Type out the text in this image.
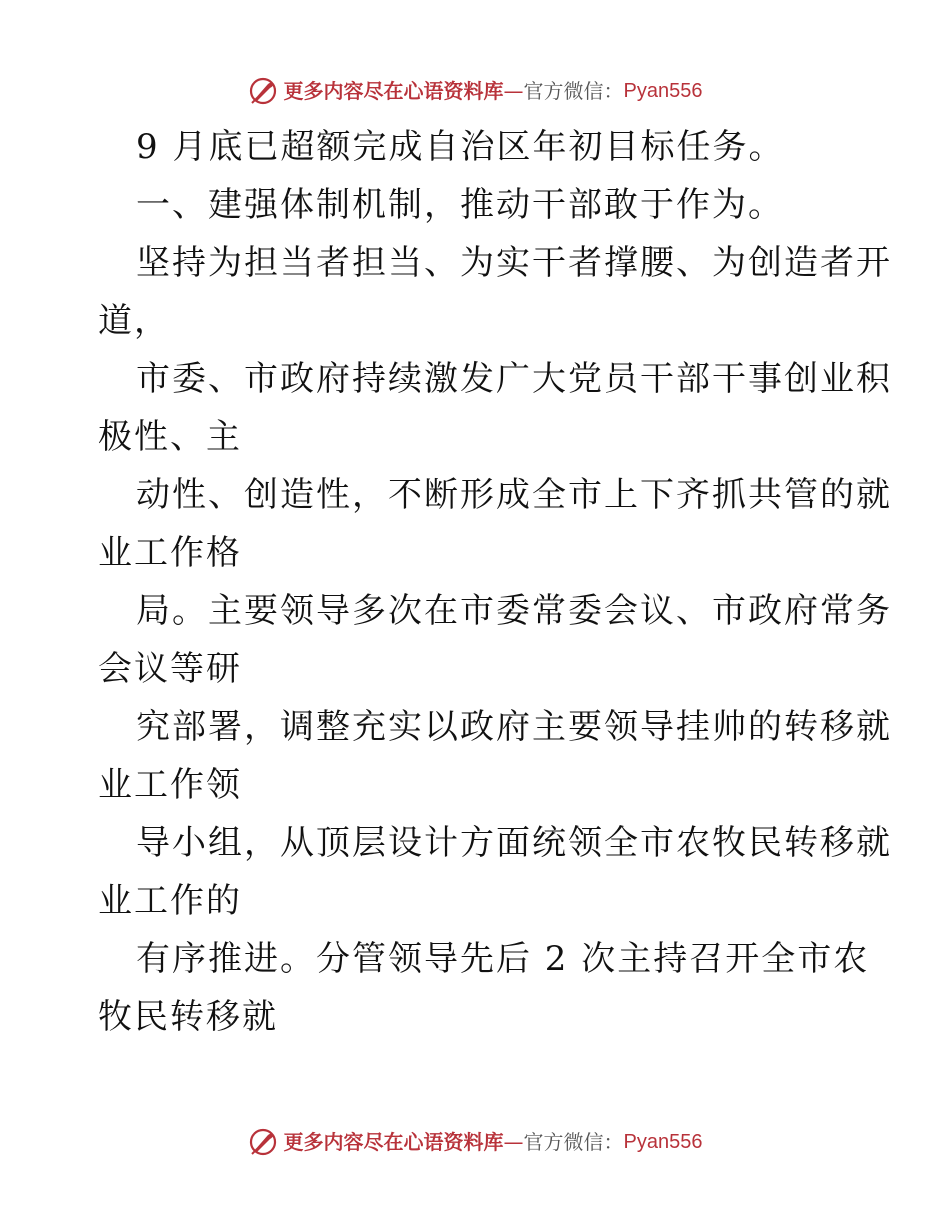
更多内容尽在心语资料库 — 官方微信： Pyan556
9 月底已超额完成自治区年初目标任务。
一、建强体制机制，推动干部敢于作为。
坚持为担当者担当、为实干者撑腰、为创造者开
道，
市委、市政府持续激发广大党员干部干事创业积
极性、主
动性、创造性，不断形成全市上下齐抓共管的就
业工作格
局。主要领导多次在市委常委会议、市政府常务
会议等研
究部署，调整充实以政府主要领导挂帅的转移就
业工作领
导小组，从顶层设计方面统领全市农牧民转移就
业工作的
有序推进。分管领导先后 2 次主持召开全市农
牧民转移就
更多内容尽在心语资料库 — 官方微信： Pyan556
